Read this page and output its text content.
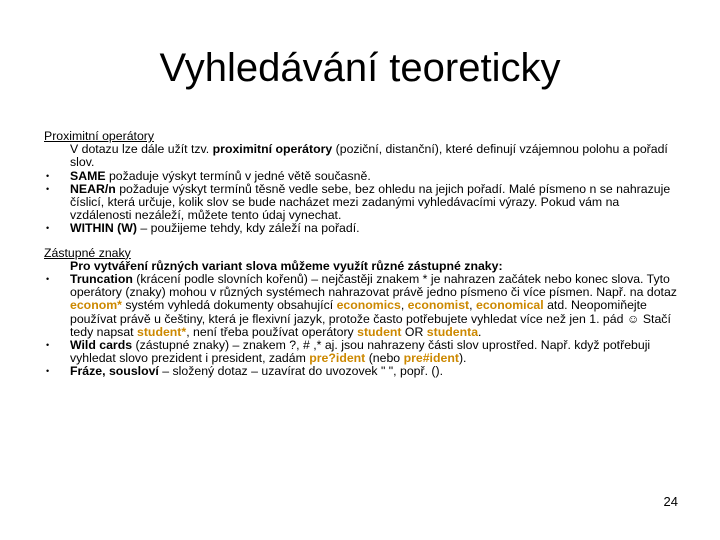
Vyhledávání teoreticky
Proximitní operátory
V dotazu lze dále užít tzv. proximitní operátory (poziční, distanční), které definují vzájemnou polohu a pořadí slov.
• SAME požaduje výskyt termínů v jedné větě současně.
• NEAR/n požaduje výskyt termínů těsně vedle sebe, bez ohledu na jejich pořadí. Malé písmeno n se nahrazuje číslicí, která určuje, kolik slov se bude nacházet mezi zadanými vyhledávacími výrazy. Pokud vám na vzdálenosti nezáleží, můžete tento údaj vynechat.
• WITHIN (W) – použijeme tehdy, kdy záleží na pořadí.
Zástupné znaky
Pro vytváření různých variant slova můžeme využít různé zástupné znaky:
• Truncation (krácení podle slovních kořenů) – nejčastěji znakem * je nahrazen začátek nebo konec slova. Tyto operátory (znaky) mohou v různých systémech nahrazovat právě jedno písmeno či více písmen. Např. na dotaz econom* systém vyhledá dokumenty obsahující economics, economist, economical atd. Neopomiňejte používat právě u češtiny, která je flexivní jazyk, protože často potřebujete vyhledat více než jen 1. pád ☺ Stačí tedy napsat student*, není třeba používat operátory student OR studenta.
• Wild cards (zástupné znaky) – znakem ?, # ,* aj. jsou nahrazeny části slov uprostřed. Např. když potřebuji vyhledat slovo prezident i president, zadám pre?ident (nebo pre#ident).
• Fráze, sousloví – složený dotaz – uzavírat do uvozovek " ", popř. ().
24
